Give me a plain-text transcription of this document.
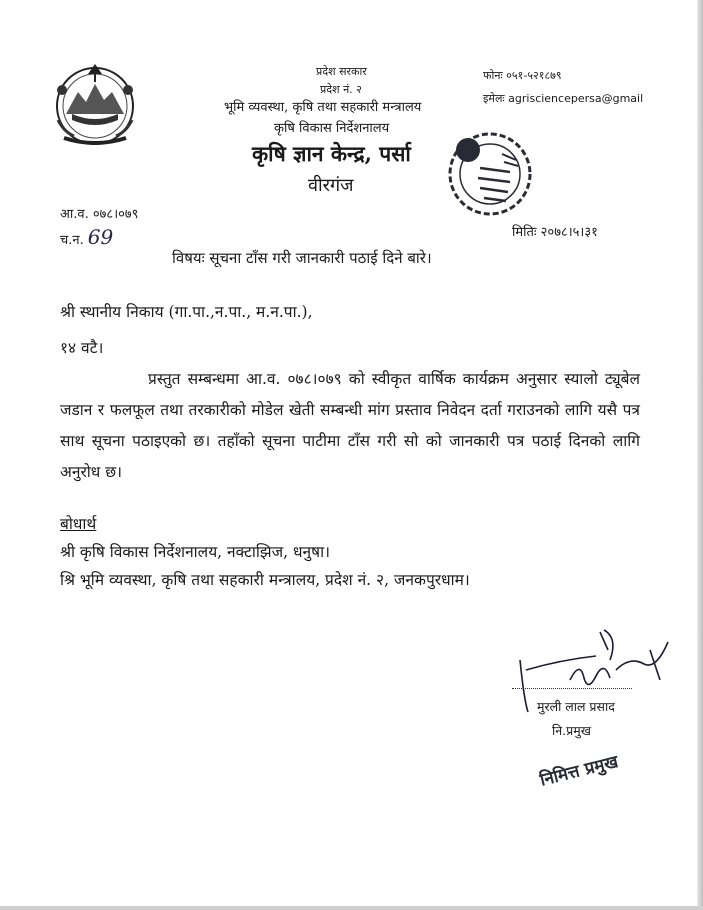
प्रदेश सरकार
प्रदेश नं. २
भूमि व्यवस्था, कृषि तथा सहकारी मन्त्रालय
कृषि विकास निर्देशनालय
कृषि ज्ञान केन्द्र, पर्सा
वीरगंज
फोनः ०५१-५२१८७९
इमेलः agrisciencepersa@gmail
आ.व. ०७८।०७९
च.न. 69	मितिः २०७८।५।३१
विषयः सूचना टाँस गरी जानकारी पठाई दिने बारे।
श्री स्थानीय निकाय (गा.पा.,न.पा., म.न.पा.),
१४ वटै।
प्रस्तुत सम्बन्धमा आ.व. ०७८।०७९ को स्वीकृत वार्षिक कार्यक्रम अनुसार स्यालो ट्यूबेल जडान र फलफूल तथा तरकारीको मोडेल खेती सम्बन्धी मांग प्रस्ताव निवेदन दर्ता गराउनको लागि यसै पत्र साथ सूचना पठाइएको छ। तहाँको सूचना पाटीमा टाँस गरी सो को जानकारी पत्र पठाई दिनको लागि अनुरोध छ।
बोधार्थ
श्री कृषि विकास निर्देशनालय, नक्टाझिज, धनुषा।
श्रि भूमि व्यवस्था, कृषि तथा सहकारी मन्त्रालय, प्रदेश नं. २, जनकपुरधाम।
मुरली लाल प्रसाद
नि.प्रमुख
निमित्त प्रमुख
